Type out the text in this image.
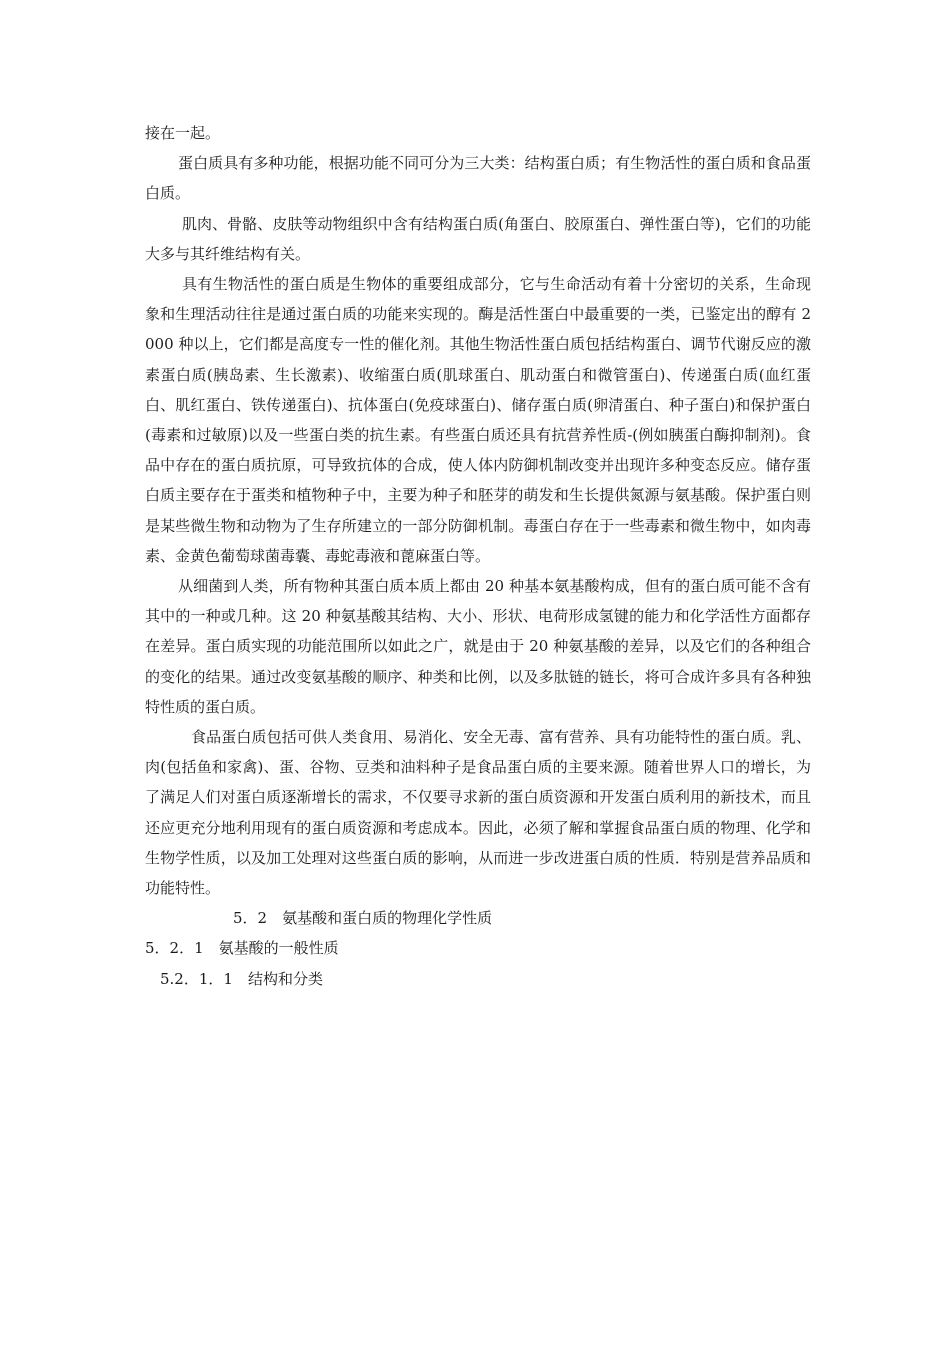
接在一起。

蛋白质具有多种功能，根据功能不同可分为三大类：结构蛋白质；有生物活性的蛋白质和食品蛋白质。

肌肉、骨骼、皮肤等动物组织中含有结构蛋白质(角蛋白、胶原蛋白、弹性蛋白等)，它们的功能大多与其纤维结构有关。

具有生物活性的蛋白质是生物体的重要组成部分，它与生命活动有着十分密切的关系，生命现象和生理活动往往是通过蛋白质的功能来实现的。酶是活性蛋白中最重要的一类，已鉴定出的醇有 2000 种以上，它们都是高度专一性的催化剂。其他生物活性蛋白质包括结构蛋白、调节代谢反应的激素蛋白质(胰岛素、生长激素)、收缩蛋白质(肌球蛋白、肌动蛋白和微管蛋白)、传递蛋白质(血红蛋白、肌红蛋白、铁传递蛋白)、抗体蛋白(免疫球蛋白)、储存蛋白质(卵清蛋白、种子蛋白)和保护蛋白(毒素和过敏原)以及一些蛋白类的抗生素。有些蛋白质还具有抗营养性质-(例如胰蛋白酶抑制剂)。食品中存在的蛋白质抗原，可导致抗体的合成，使人体内防御机制改变并出现许多种变态反应。储存蛋白质主要存在于蛋类和植物种子中，主要为种子和胚芽的萌发和生长提供氮源与氨基酸。保护蛋白则是某些微生物和动物为了生存所建立的一部分防御机制。毒蛋白存在于一些毒素和微生物中，如肉毒素、金黄色葡萄球菌毒囊、毒蛇毒液和蓖麻蛋白等。

从细菌到人类，所有物种其蛋白质本质上都由 20 种基本氨基酸构成，但有的蛋白质可能不含有其中的一种或几种。这 20 种氨基酸其结构、大小、形状、电荷形成氢键的能力和化学活性方面都存在差异。蛋白质实现的功能范围所以如此之广，就是由于 20 种氨基酸的差异，以及它们的各种组合的变化的结果。通过改变氨基酸的顺序、种类和比例，以及多肽链的链长，将可合成许多具有各种独特性质的蛋白质。

食品蛋白质包括可供人类食用、易消化、安全无毒、富有营养、具有功能特性的蛋白质。乳、肉(包括鱼和家禽)、蛋、谷物、豆类和油料种子是食品蛋白质的主要来源。随着世界人口的增长，为了满足人们对蛋白质逐渐增长的需求，不仅要寻求新的蛋白质资源和开发蛋白质利用的新技术，而且还应更充分地利用现有的蛋白质资源和考虑成本。因此，必须了解和掌握食品蛋白质的物理、化学和生物学性质，以及加工处理对这些蛋白质的影响，从而进一步改进蛋白质的性质．特别是营养品质和功能特性。

5．2　氨基酸和蛋白质的物理化学性质

5．2．1　氨基酸的一般性质

5.2．1．1　结构和分类
